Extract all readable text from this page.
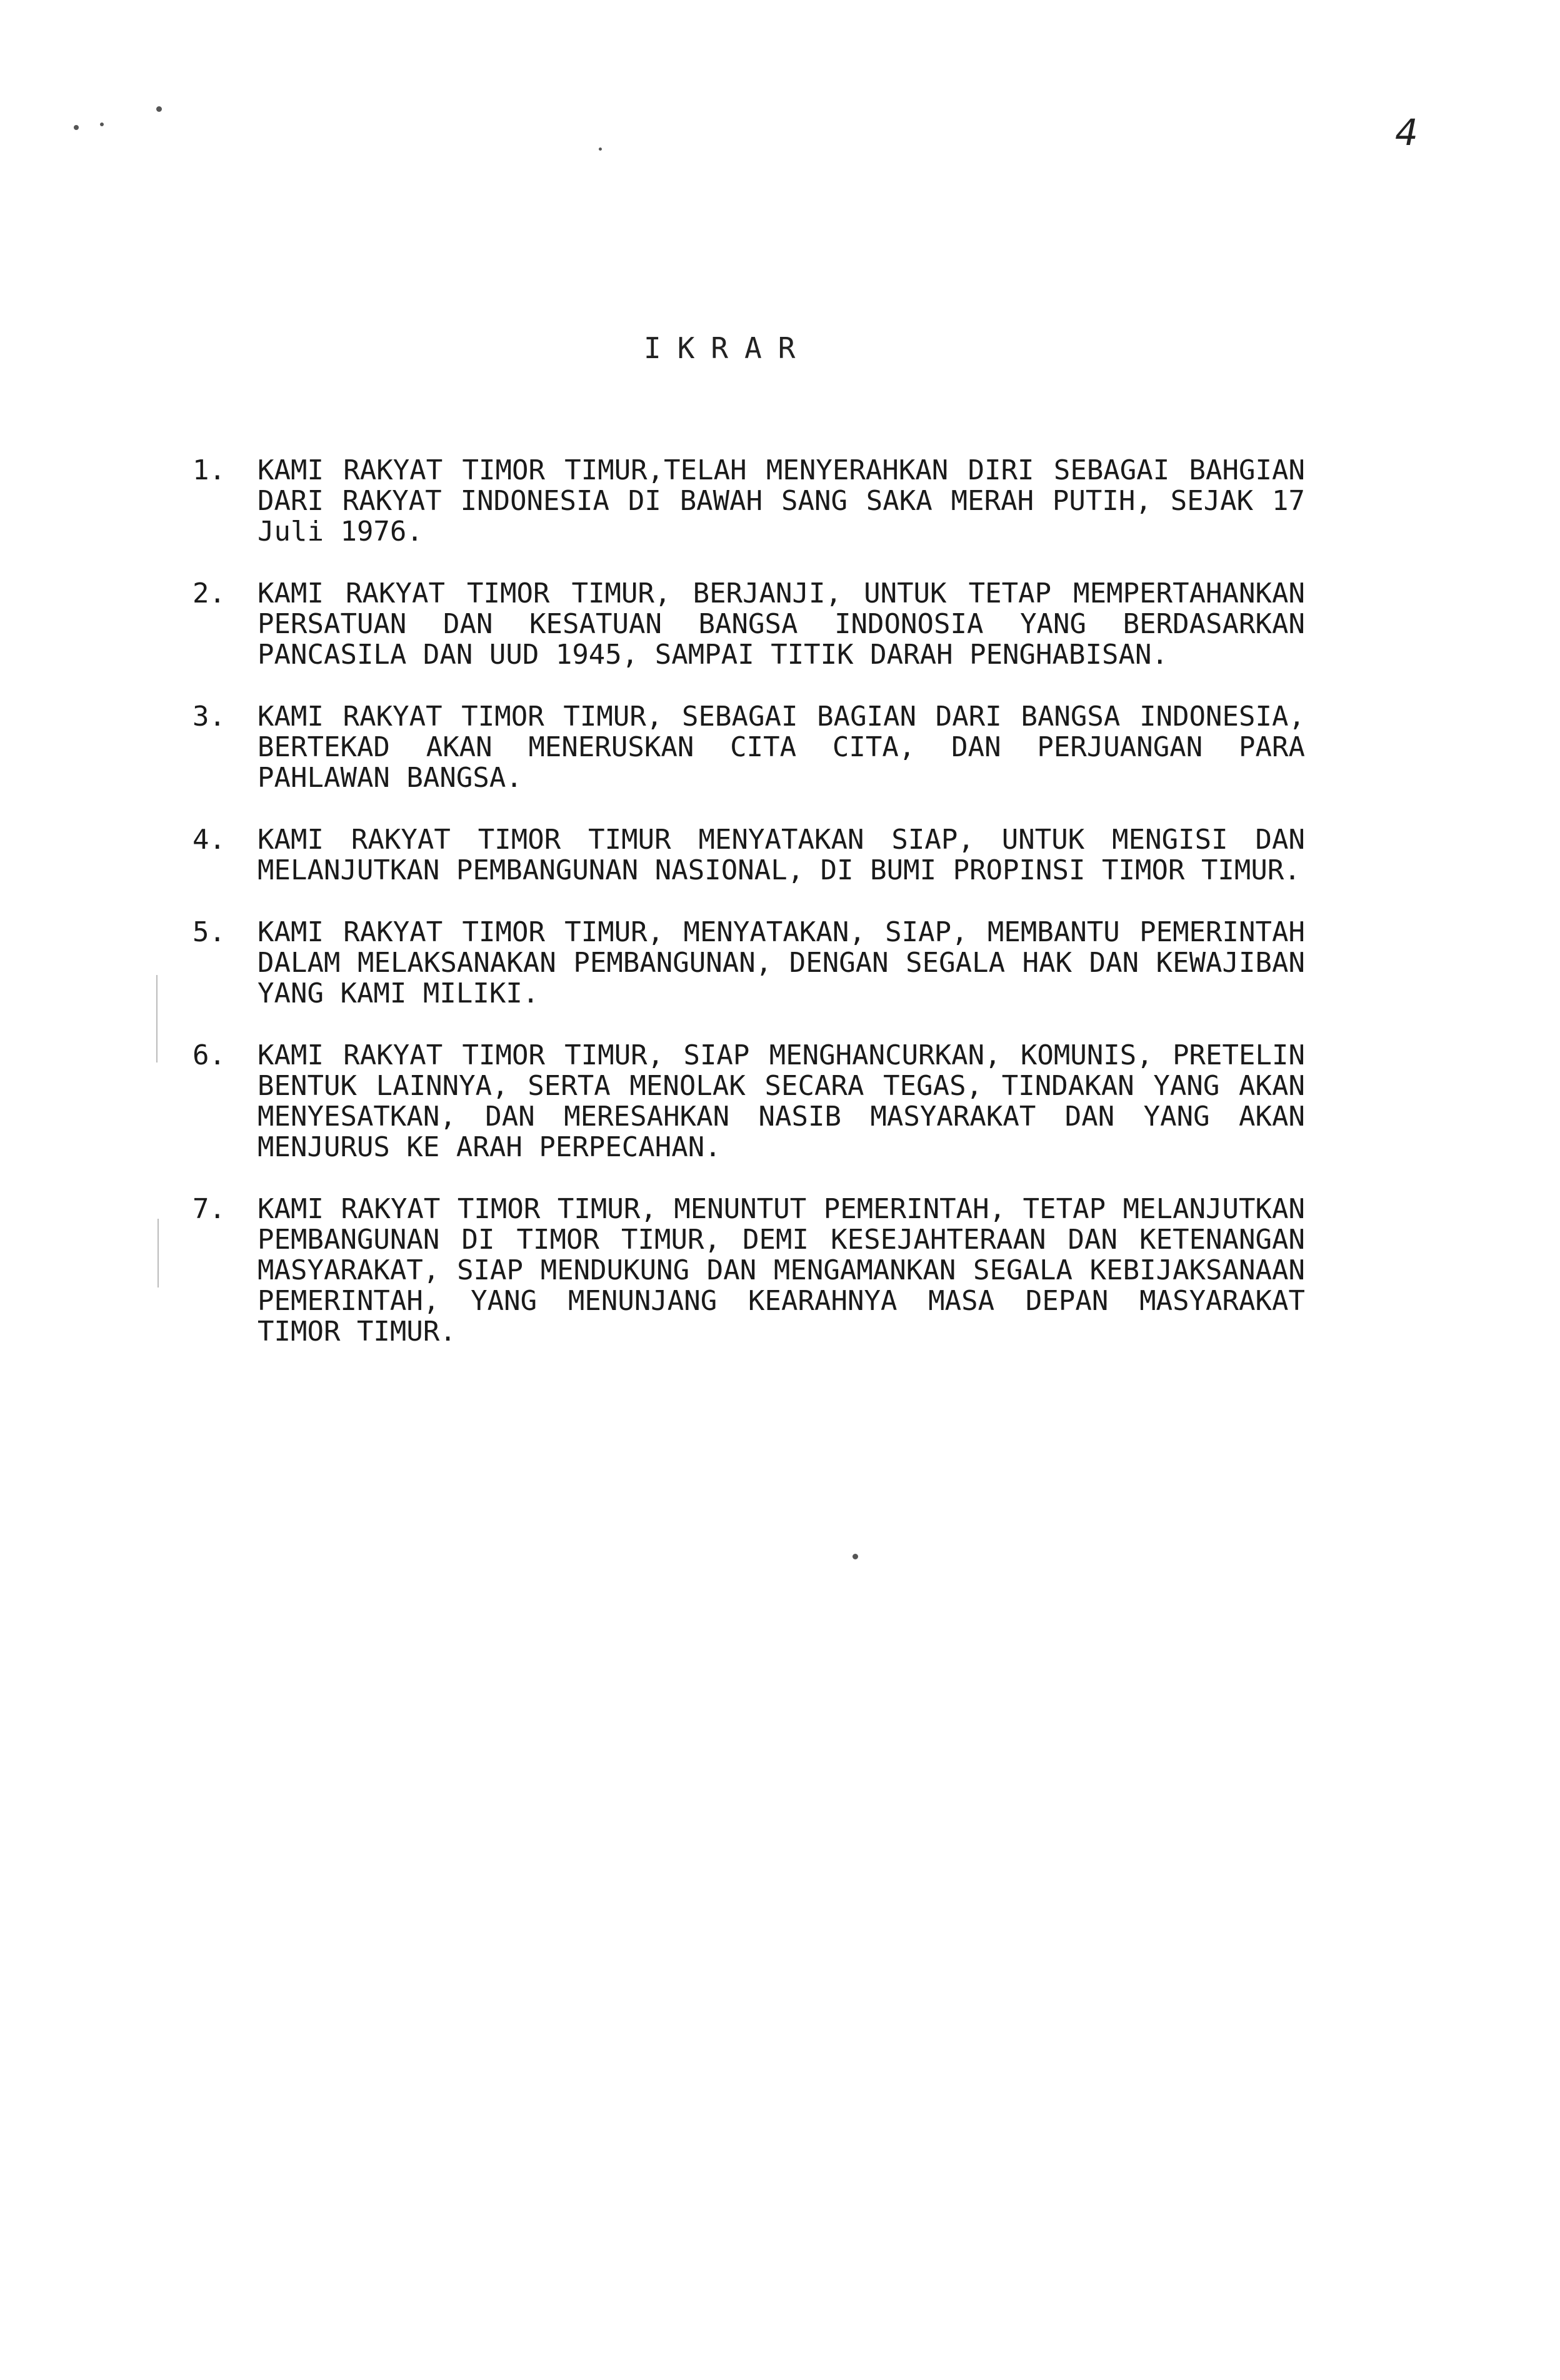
4
IKRAR
1.	KAMI RAKYAT TIMOR TIMUR,TELAH MENYERAHKAN DIRI SEBAGAI BAHGIAN DARI RAKYAT INDONESIA DI BAWAH SANG SAKA MERAH PUTIH, SEJAK 17 Juli 1976.
2.	KAMI RAKYAT TIMOR TIMUR, BERJANJI, UNTUK TETAP MEMPERTAHANKAN PERSATUAN DAN KESATUAN BANGSA INDONOSIA YANG BERDASARKAN PANCASILA DAN UUD 1945, SAMPAI TITIK DARAH PENGHABISAN.
3.	KAMI RAKYAT TIMOR TIMUR, SEBAGAI BAGIAN DARI BANGSA INDONESIA, BERTEKAD AKAN MENERUSKAN CITA CITA, DAN PERJUANGAN PARA PAHLAWAN BANGSA.
4.	KAMI RAKYAT TIMOR TIMUR MENYATAKAN SIAP, UNTUK MENGISI DAN MELANJUTKAN PEMBANGUNAN NASIONAL, DI BUMI PROPINSI TIMOR TIMUR.
5.	KAMI RAKYAT TIMOR TIMUR, MENYATAKAN, SIAP, MEMBANTU PEMERINTAH DALAM MELAKSANAKAN PEMBANGUNAN, DENGAN SEGALA HAK DAN KEWAJIBAN YANG KAMI MILIKI.
6.	KAMI RAKYAT TIMOR TIMUR, SIAP MENGHANCURKAN, KOMUNIS, PRETELIN BENTUK LAINNYA, SERTA MENOLAK SECARA TEGAS, TINDAKAN YANG AKAN MENYESATKAN, DAN MERESAHKAN NASIB MASYARAKAT DAN YANG AKAN MENJURUS KE ARAH PERPECAHAN.
7.	KAMI RAKYAT TIMOR TIMUR, MENUNTUT PEMERINTAH, TETAP MELANJUTKAN PEMBANGUNAN DI TIMOR TIMUR, DEMI KESEJAHTERAAN DAN KETENANGAN MASYARAKAT, SIAP MENDUKUNG DAN MENGAMANKAN SEGALA KEBIJAKSANAAN PEMERINTAH, YANG MENUNJANG KEARAHNYA MASA DEPAN MASYARAKAT TIMOR TIMUR.
